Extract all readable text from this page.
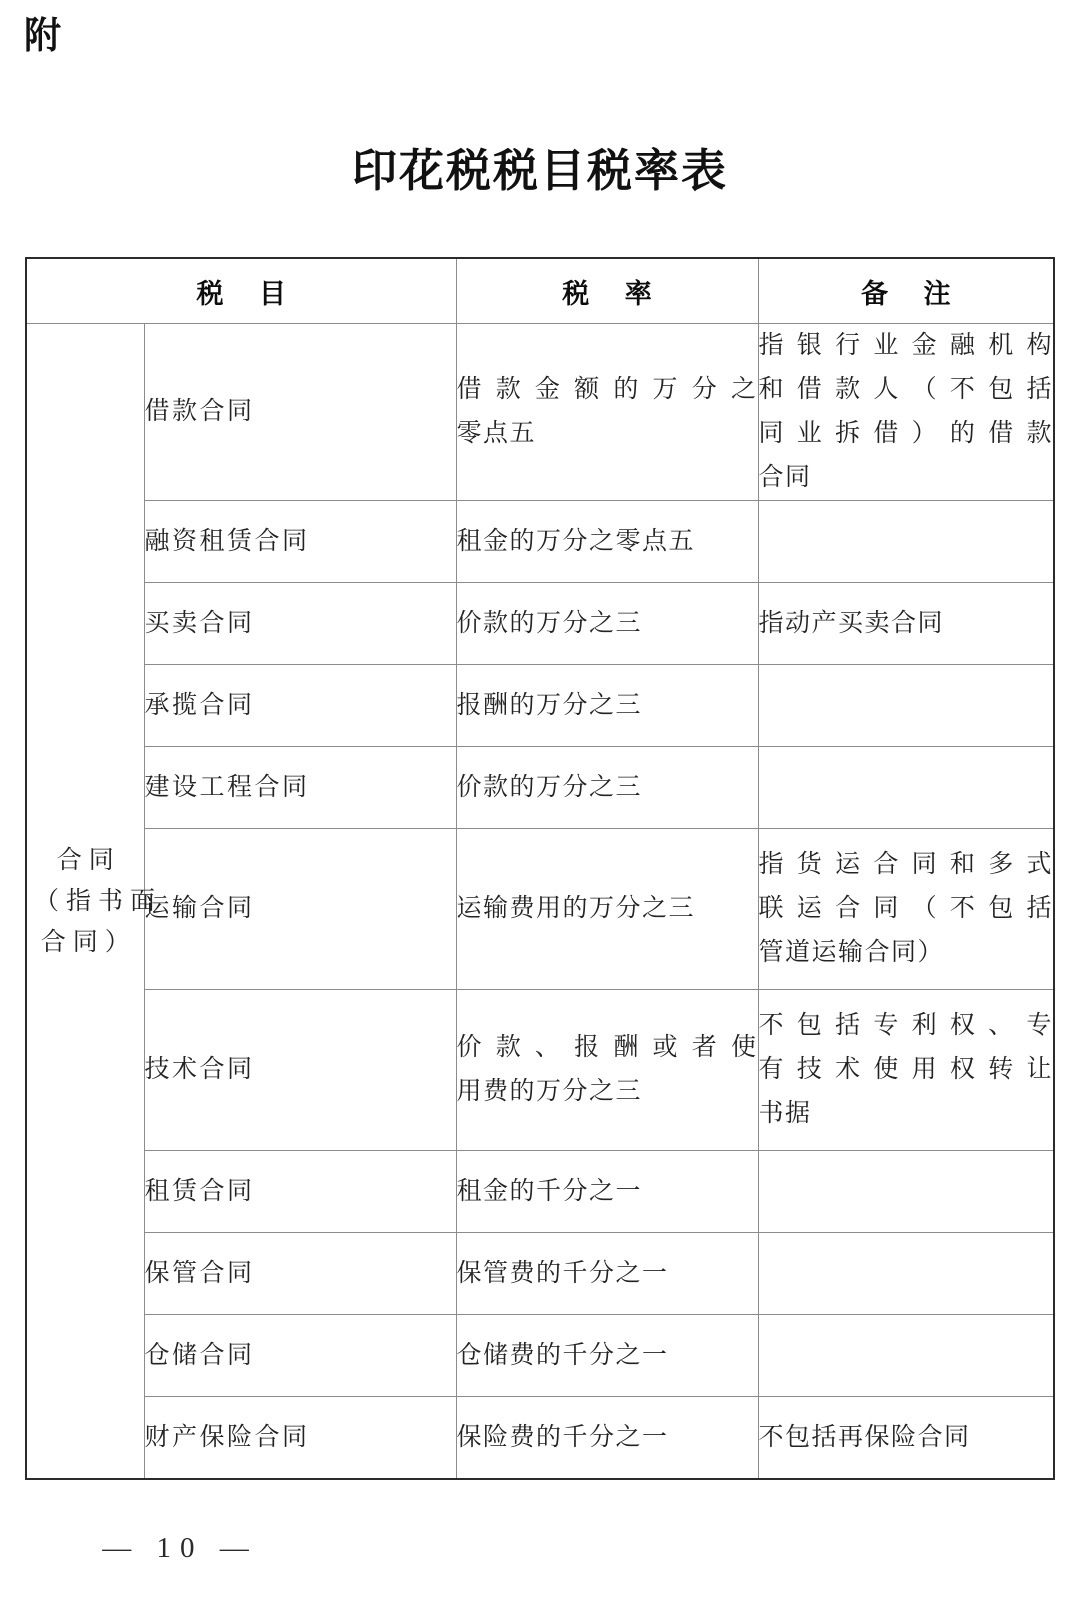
附
印花税税目税率表
税 目		税 率	备 注

合同
（指书面
合同）	借款合同	借款金额的万分之
零点五	指银行业金融机构
和借款人（不包括
同业拆借）的借款
合同

	融资租赁合同	租金的万分之零点五	
	买卖合同	价款的万分之三	指动产买卖合同
	承揽合同	报酬的万分之三	
	建设工程合同	价款的万分之三	
	运输合同	运输费用的万分之三	指货运合同和多式
联运合同（不包括
管道运输合同）

	技术合同	价款、报酬或者使
用费的万分之三	不包括专利权、专
有技术使用权转让
书据

	租赁合同	租金的千分之一	
	保管合同	保管费的千分之一	
	仓储合同	仓储费的千分之一	
	财产保险合同	保险费的千分之一	不包括再保险合同
— 10 —
